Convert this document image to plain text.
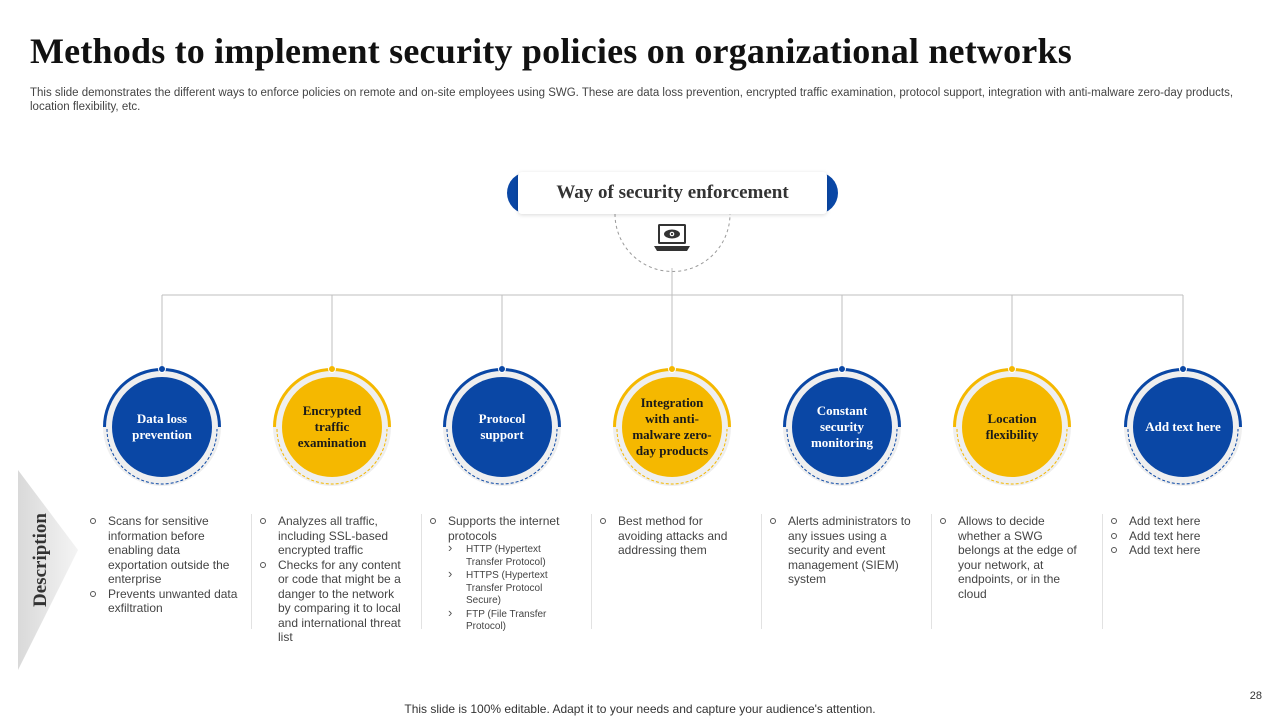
Methods to implement security policies on organizational networks
This slide demonstrates the different ways to enforce policies on remote and on-site employees using SWG. These are data loss prevention, encrypted traffic examination, protocol support, integration with anti-malware zero-day products, location flexibility, etc.
Way of security enforcement
Data loss prevention
Encrypted traffic examination
Protocol support
Integration with anti-malware zero-day products
Constant security monitoring
Location flexibility
Add text here
Description	Scans for sensitive information before enabling data exportation outside the enterprise
Prevents unwanted data exfiltration
Analyzes all traffic, including SSL-based encrypted traffic
Checks for any content or code that might be a danger to the network by comparing it to local and international threat list
Supports the internet protocols
› HTTP (Hypertext Transfer Protocol)
› HTTPS (Hypertext Transfer Protocol Secure)
› FTP (File Transfer Protocol)
Best method for avoiding attacks and addressing them
Alerts administrators to any issues using a security and event management (SIEM) system
Allows to decide whether a SWG belongs at the edge of your network, at endpoints, or in the cloud
Add text here
Add text here
Add text here
This slide is 100% editable. Adapt it to your needs and capture your audience's attention.
28
